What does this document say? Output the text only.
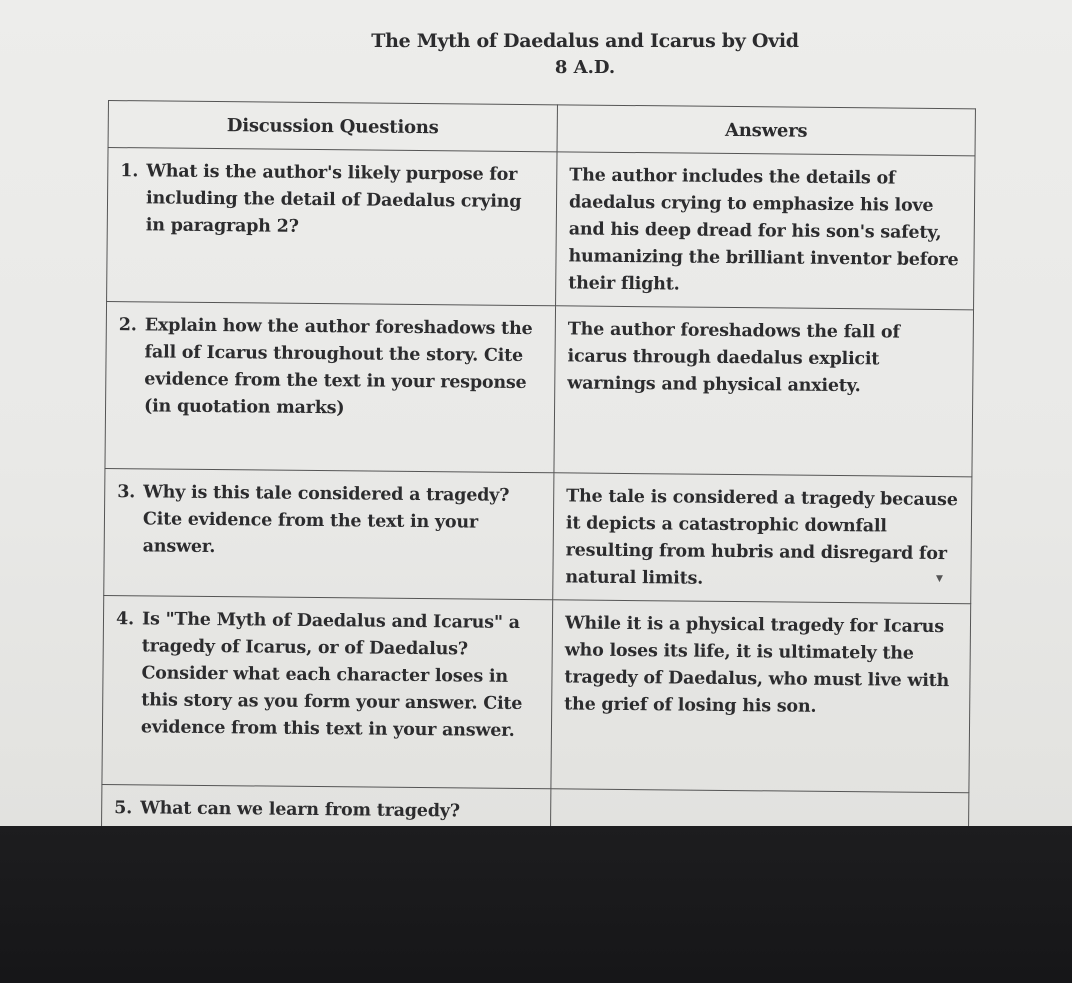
The Myth of Daedalus and Icarus by Ovid
8 A.D.
Discussion Questions	Answers
1. What is the author's likely purpose for including the detail of Daedalus crying in paragraph 2?	The author includes the details of daedalus crying to emphasize his love and his deep dread for his son's safety, humanizing the brilliant inventor before their flight.
2. Explain how the author foreshadows the fall of Icarus throughout the story. Cite evidence from the text in your response (in quotation marks)	The author foreshadows the fall of icarus through daedalus explicit warnings and physical anxiety.
3. Why is this tale considered a tragedy? Cite evidence from the text in your answer.	The tale is considered a tragedy because it depicts a catastrophic downfall resulting from hubris and disregard for natural limits.
4. Is "The Myth of Daedalus and Icarus" a tragedy of Icarus, or of Daedalus? Consider what each character loses in this story as you form your answer. Cite evidence from this text in your answer.	While it is a physical tragedy for Icarus who loses its life, it is ultimately the tragedy of Daedalus, who must live with the grief of losing his son.
5. What can we learn from tragedy?	
▼
